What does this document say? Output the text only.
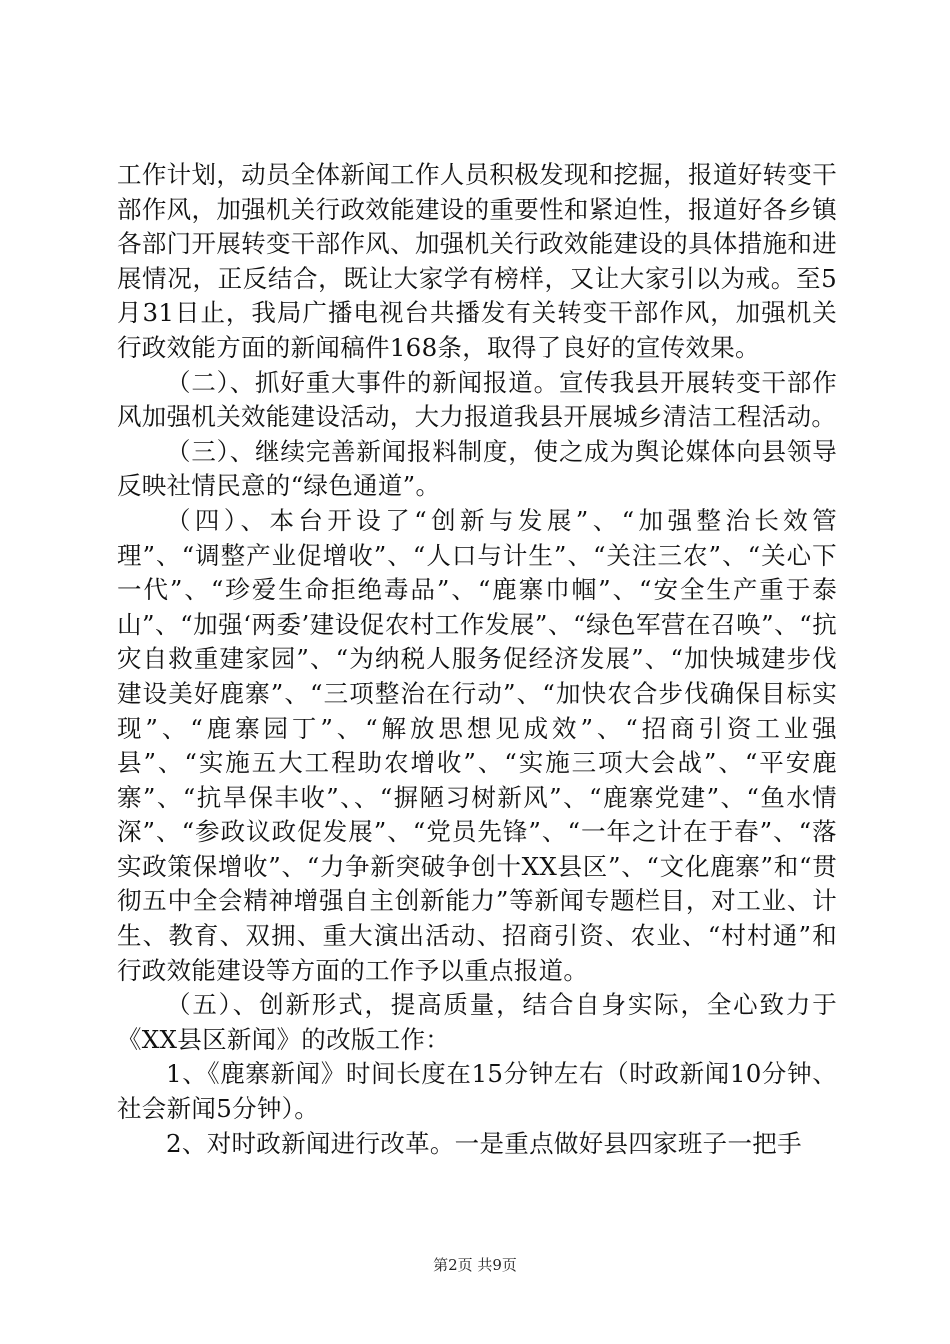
工作计划，动员全体新闻工作人员积极发现和挖掘，报道好转变干部作风，加强机关行政效能建设的重要性和紧迫性，报道好各乡镇各部门开展转变干部作风、加强机关行政效能建设的具体措施和进展情况，正反结合，既让大家学有榜样，又让大家引以为戒。至5月31日止，我局广播电视台共播发有关转变干部作风，加强机关行政效能方面的新闻稿件168条，取得了良好的宣传效果。

（二）、抓好重大事件的新闻报道。宣传我县开展转变干部作风加强机关效能建设活动，大力报道我县开展城乡清洁工程活动。

（三）、继续完善新闻报料制度，使之成为舆论媒体向县领导反映社情民意的“绿色通道”。

（四）、本台开设了“创新与发展”、“加强整治长效管理”、“调整产业促增收”、“人口与计生”、“关注三农”、“关心下一代”、“珍爱生命拒绝毒品”、“鹿寨巾帼”、“安全生产重于泰山”、“加强‘两委’建设促农村工作发展”、“绿色军营在召唤”、“抗灾自救重建家园”、“为纳税人服务促经济发展”、“加快城建步伐建设美好鹿寨”、“三项整治在行动”、“加快农合步伐确保目标实现”、“鹿寨园丁”、“解放思想见成效”、“招商引资工业强县”、“实施五大工程助农增收”、“实施三项大会战”、“平安鹿寨”、“抗旱保丰收”、、“摒陋习树新风”、“鹿寨党建”、“鱼水情深”、“参政议政促发展”、“党员先锋”、“一年之计在于春”、“落实政策保增收”、“力争新突破争创十XX县区”、“文化鹿寨”和“贯彻五中全会精神增强自主创新能力”等新闻专题栏目，对工业、计生、教育、双拥、重大演出活动、招商引资、农业、“村村通”和行政效能建设等方面的工作予以重点报道。

（五）、创新形式，提高质量，结合自身实际，全心致力于《XX县区新闻》的改版工作：

1、《鹿寨新闻》时间长度在15分钟左右（时政新闻10分钟、社会新闻5分钟）。

2、对时政新闻进行改革。一是重点做好县四家班子一把手

第2页 共9页
